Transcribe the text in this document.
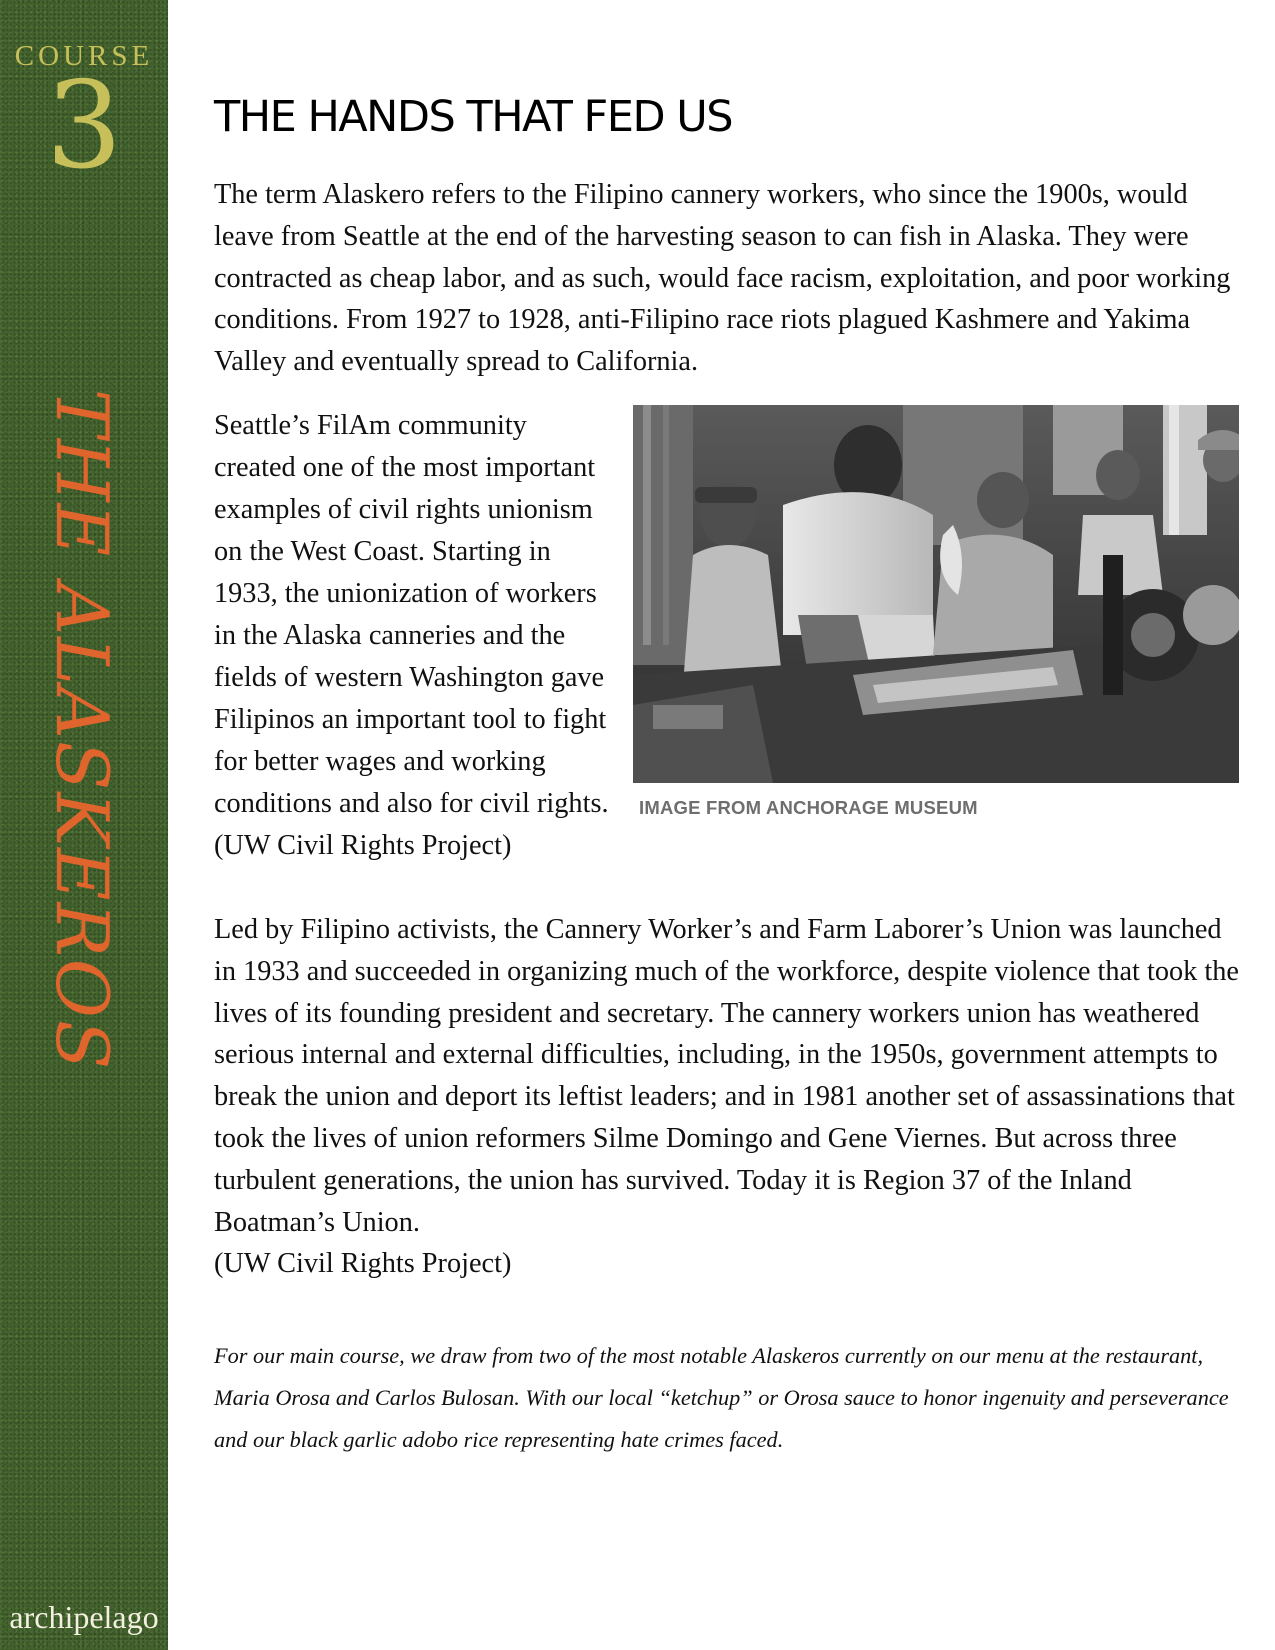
COURSE
3
THE ALASKEROS
archipelago
THE HANDS THAT FED US

The term Alaskero refers to the Filipino cannery workers, who since the 1900s, would leave from Seattle at the end of the harvesting season to can fish in Alaska. They were contracted as cheap labor, and as such, would face racism, exploitation, and poor working conditions. From 1927 to 1928, anti-Filipino race riots plagued Kashmere and Yakima Valley and eventually spread to California.

IMAGE FROM ANCHORAGE MUSEUM

Seattle’s FilAm community created one of the most important examples of civil rights unionism on the West Coast. Starting in 1933, the unionization of workers in the Alaska canneries and the fields of western Washington gave Filipinos an important tool to fight for better wages and working conditions and also for civil rights. (UW Civil Rights Project)

Led by Filipino activists, the Cannery Worker’s and Farm Laborer’s Union was launched in 1933 and succeeded in organizing much of the workforce, despite violence that took the lives of its founding president and secretary. The cannery workers union has weathered serious internal and external difficulties, including, in the 1950s, government attempts to break the union and deport its leftist leaders; and in 1981 another set of assassinations that took the lives of union reformers Silme Domingo and Gene Viernes. But across three turbulent generations, the union has survived. Today it is Region 37 of the Inland Boatman’s Union.
(UW Civil Rights Project)

For our main course, we draw from two of the most notable Alaskeros currently on our menu at the restaurant, Maria Orosa and Carlos Bulosan. With our local “ketchup” or Orosa sauce to honor ingenuity and perseverance and our black garlic adobo rice representing hate crimes faced.
